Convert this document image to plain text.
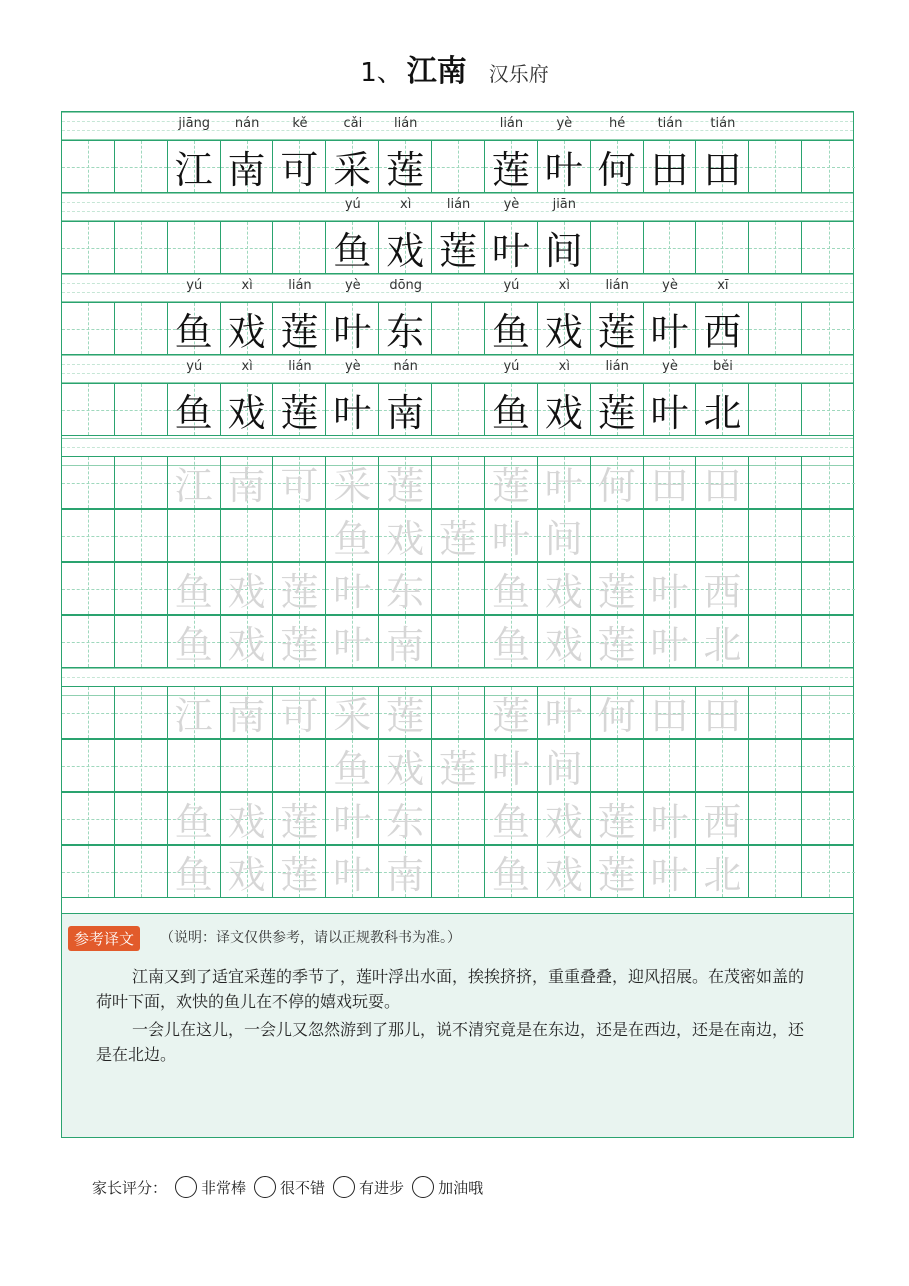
1、 江南 汉乐府
jiāng	nán	kě	cǎi	lián	lián	yè	hé	tián	tián
江 南 可 采 莲 莲 叶 何 田 田
yú	xì	lián	yè	jiān
鱼 戏 莲 叶 间
yú	xì	lián	yè	dōng	yú	xì	lián	yè	xī
鱼 戏 莲 叶 东 鱼 戏 莲 叶 西
yú	xì	lián	yè	nán	yú	xì	lián	yè	běi
鱼 戏 莲 叶 南 鱼 戏 莲 叶 北
江 南 可 采 莲 莲 叶 何 田 田
鱼 戏 莲 叶 间
鱼 戏 莲 叶 东 鱼 戏 莲 叶 西
鱼 戏 莲 叶 南 鱼 戏 莲 叶 北
江 南 可 采 莲 莲 叶 何 田 田
鱼 戏 莲 叶 间
鱼 戏 莲 叶 东 鱼 戏 莲 叶 西
鱼 戏 莲 叶 南 鱼 戏 莲 叶 北
参考译文	（说明：译文仅供参考，请以正规教科书为准。）
江南又到了适宜采莲的季节了，莲叶浮出水面，挨挨挤挤，重重叠叠，迎风招展。在茂密如盖的荷叶下面，欢快的鱼儿在不停的嬉戏玩耍。
一会儿在这儿，一会儿又忽然游到了那儿，说不清究竟是在东边，还是在西边，还是在南边，还是在北边。
家长评分： 非常棒 很不错 有进步 加油哦
